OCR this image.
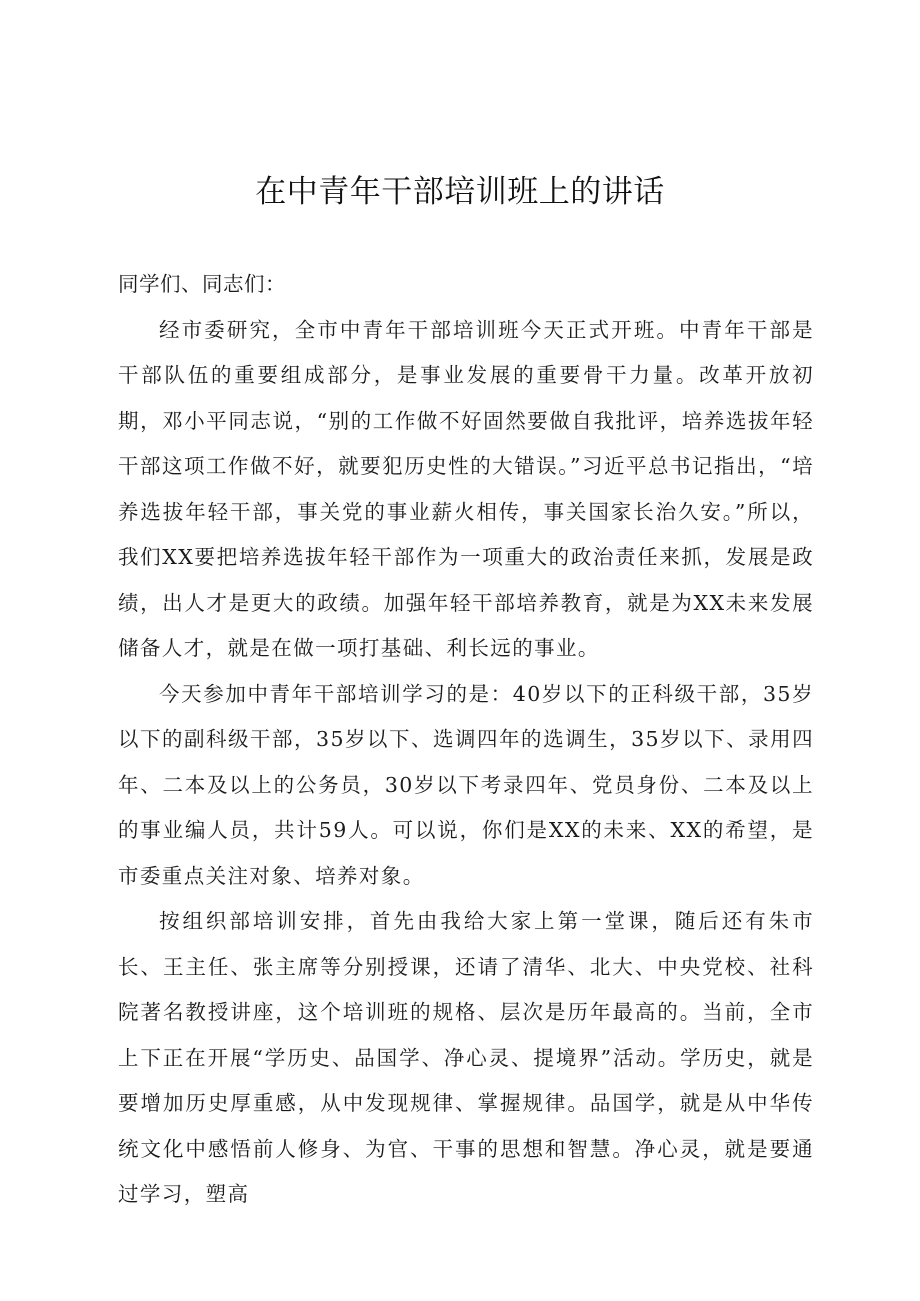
在中青年干部培训班上的讲话

同学们、同志们：

经市委研究，全市中青年干部培训班今天正式开班。中青年干部是干部队伍的重要组成部分，是事业发展的重要骨干力量。改革开放初期，邓小平同志说，“别的工作做不好固然要做自我批评，培养选拔年轻干部这项工作做不好，就要犯历史性的大错误。”习近平总书记指出，“培养选拔年轻干部，事关党的事业薪火相传，事关国家长治久安。”所以，我们XX要把培养选拔年轻干部作为一项重大的政治责任来抓，发展是政绩，出人才是更大的政绩。加强年轻干部培养教育，就是为XX未来发展储备人才，就是在做一项打基础、利长远的事业。

今天参加中青年干部培训学习的是：40岁以下的正科级干部，35岁以下的副科级干部，35岁以下、选调四年的选调生，35岁以下、录用四年、二本及以上的公务员，30岁以下考录四年、党员身份、二本及以上的事业编人员，共计59人。可以说，你们是XX的未来、XX的希望，是市委重点关注对象、培养对象。

按组织部培训安排，首先由我给大家上第一堂课，随后还有朱市长、王主任、张主席等分别授课，还请了清华、北大、中央党校、社科院著名教授讲座，这个培训班的规格、层次是历年最高的。当前，全市上下正在开展“学历史、品国学、净心灵、提境界”活动。学历史，就是要增加历史厚重感，从中发现规律、掌握规律。品国学，就是从中华传统文化中感悟前人修身、为官、干事的思想和智慧。净心灵，就是要通过学习，塑高
